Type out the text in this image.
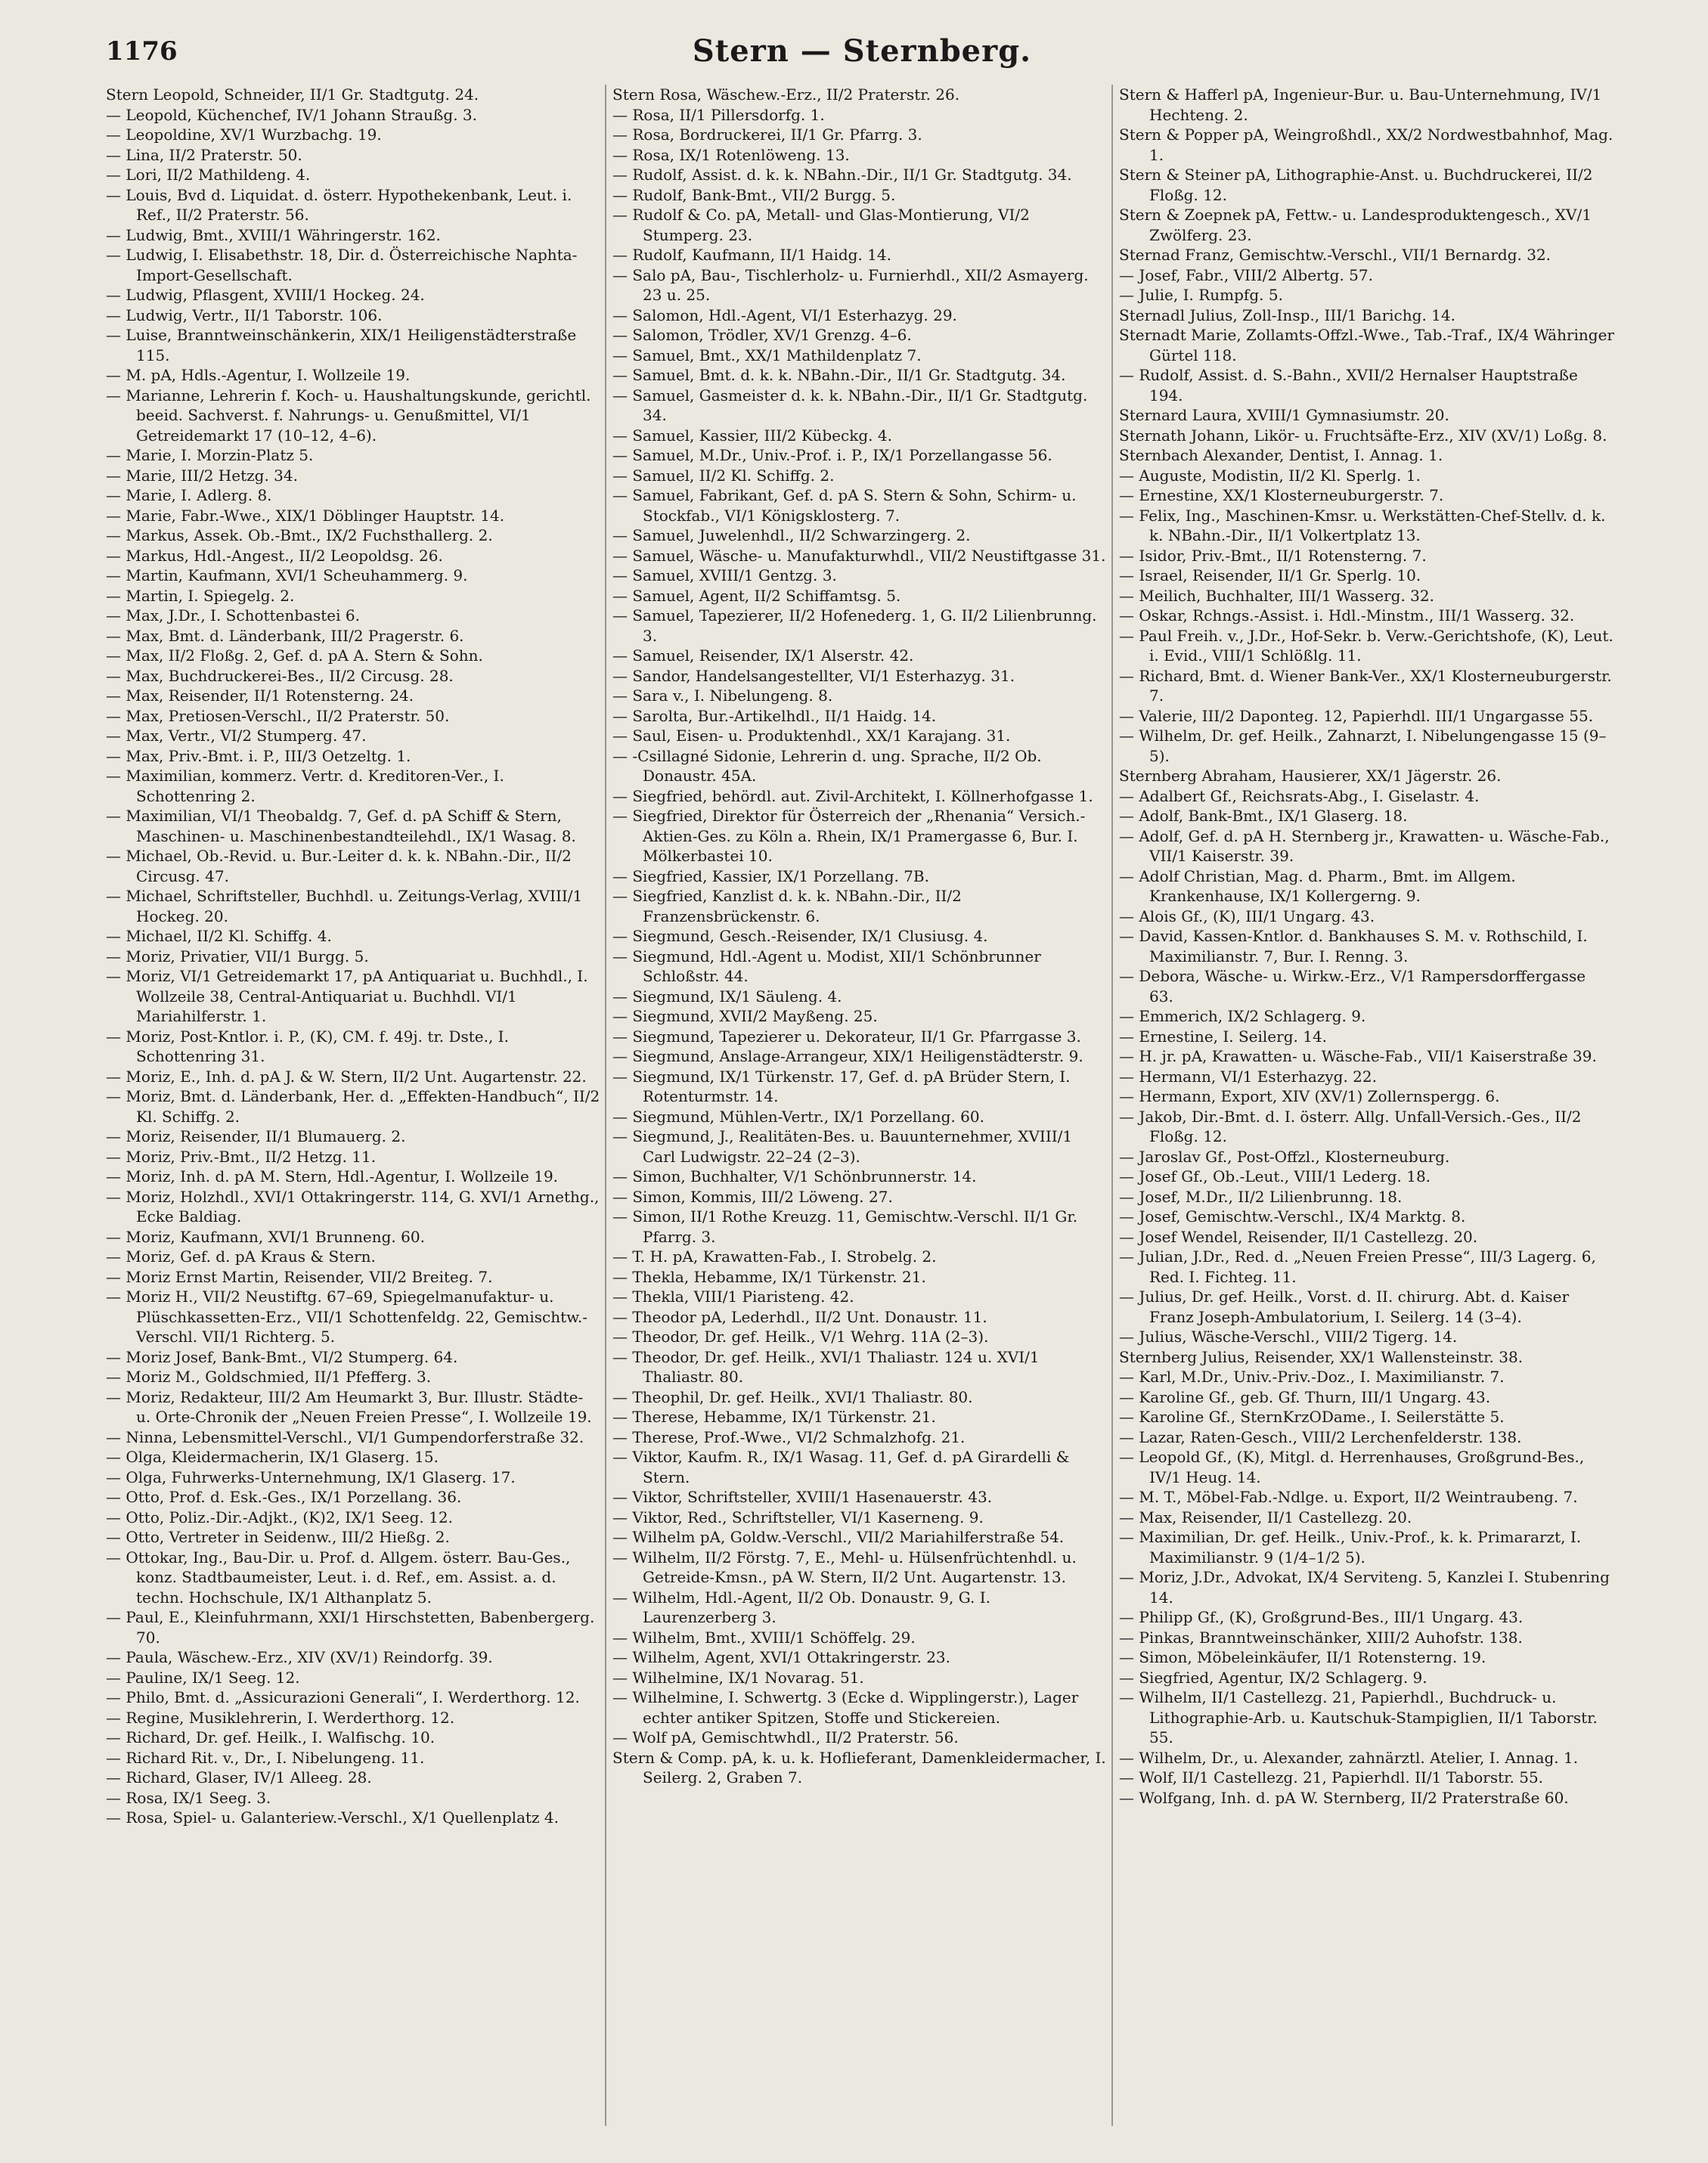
1176	Stern — Sternberg.

Stern Leopold, Schneider, II/1 Gr. Stadtgutg. 24.

— Leopold, Küchenchef, IV/1 Johann Straußg. 3.

— Leopoldine, XV/1 Wurzbachg. 19.

— Lina, II/2 Praterstr. 50.

— Lori, II/2 Mathildeng. 4.

— Louis, Bvd d. Liquidat. d. österr. Hypothekenbank, Leut. i. Ref., II/2 Praterstr. 56.

— Ludwig, Bmt., XVIII/1 Währingerstr. 162.

— Ludwig, I. Elisabethstr. 18, Dir. d. Österreichische Naphta-Import-Gesellschaft.

— Ludwig, Pflasgent, XVIII/1 Hockeg. 24.

— Ludwig, Vertr., II/1 Taborstr. 106.

— Luise, Branntweinschänkerin, XIX/1 Heiligenstädterstraße 115.

— M. pA, Hdls.-Agentur, I. Wollzeile 19.

— Marianne, Lehrerin f. Koch- u. Haushaltungskunde, gerichtl. beeid. Sachverst. f. Nahrungs- u. Genußmittel, VI/1 Getreidemarkt 17 (10–12, 4–6).

— Marie, I. Morzin-Platz 5.

— Marie, III/2 Hetzg. 34.

— Marie, I. Adlerg. 8.

— Marie, Fabr.-Wwe., XIX/1 Döblinger Hauptstr. 14.

— Markus, Assek. Ob.-Bmt., IX/2 Fuchsthallerg. 2.

— Markus, Hdl.-Angest., II/2 Leopoldsg. 26.

— Martin, Kaufmann, XVI/1 Scheuhammerg. 9.

— Martin, I. Spiegelg. 2.

— Max, J.Dr., I. Schottenbastei 6.

— Max, Bmt. d. Länderbank, III/2 Pragerstr. 6.

— Max, II/2 Floßg. 2, Gef. d. pA A. Stern & Sohn.

— Max, Buchdruckerei-Bes., II/2 Circusg. 28.

— Max, Reisender, II/1 Rotensterng. 24.

— Max, Pretiosen-Verschl., II/2 Praterstr. 50.

— Max, Vertr., VI/2 Stumperg. 47.

— Max, Priv.-Bmt. i. P., III/3 Oetzeltg. 1.

— Maximilian, kommerz. Vertr. d. Kreditoren-Ver., I. Schottenring 2.

— Maximilian, VI/1 Theobaldg. 7, Gef. d. pA Schiff & Stern, Maschinen- u. Maschinenbestandteilehdl., IX/1 Wasag. 8.

— Michael, Ob.-Revid. u. Bur.-Leiter d. k. k. NBahn.-Dir., II/2 Circusg. 47.

— Michael, Schriftsteller, Buchhdl. u. Zeitungs-Verlag, XVIII/1 Hockeg. 20.

— Michael, II/2 Kl. Schiffg. 4.

— Moriz, Privatier, VII/1 Burgg. 5.

— Moriz, VI/1 Getreidemarkt 17, pA Antiquariat u. Buchhdl., I. Wollzeile 38, Central-Antiquariat u. Buchhdl. VI/1 Mariahilferstr. 1.

— Moriz, Post-Kntlor. i. P., (K), CM. f. 49j. tr. Dste., I. Schottenring 31.

— Moriz, E., Inh. d. pA J. & W. Stern, II/2 Unt. Augartenstr. 22.

— Moriz, Bmt. d. Länderbank, Her. d. „Effekten-Handbuch“, II/2 Kl. Schiffg. 2.

— Moriz, Reisender, II/1 Blumauerg. 2.

— Moriz, Priv.-Bmt., II/2 Hetzg. 11.

— Moriz, Inh. d. pA M. Stern, Hdl.-Agentur, I. Wollzeile 19.

— Moriz, Holzhdl., XVI/1 Ottakringerstr. 114, G. XVI/1 Arnethg., Ecke Baldiag.

— Moriz, Kaufmann, XVI/1 Brunneng. 60.

— Moriz, Gef. d. pA Kraus & Stern.

— Moriz Ernst Martin, Reisender, VII/2 Breiteg. 7.

— Moriz H., VII/2 Neustiftg. 67–69, Spiegelmanufaktur- u. Plüschkassetten-Erz., VII/1 Schottenfeldg. 22, Gemischtw.-Verschl. VII/1 Richterg. 5.

— Moriz Josef, Bank-Bmt., VI/2 Stumperg. 64.

— Moriz M., Goldschmied, II/1 Pfefferg. 3.

— Moriz, Redakteur, III/2 Am Heumarkt 3, Bur. Illustr. Städte- u. Orte-Chronik der „Neuen Freien Presse“, I. Wollzeile 19.

— Ninna, Lebensmittel-Verschl., VI/1 Gumpendorferstraße 32.

— Olga, Kleidermacherin, IX/1 Glaserg. 15.

— Olga, Fuhrwerks-Unternehmung, IX/1 Glaserg. 17.

— Otto, Prof. d. Esk.-Ges., IX/1 Porzellang. 36.

— Otto, Poliz.-Dir.-Adjkt., (K)2, IX/1 Seeg. 12.

— Otto, Vertreter in Seidenw., III/2 Hießg. 2.

— Ottokar, Ing., Bau-Dir. u. Prof. d. Allgem. österr. Bau-Ges., konz. Stadtbaumeister, Leut. i. d. Ref., em. Assist. a. d. techn. Hochschule, IX/1 Althanplatz 5.

— Paul, E., Kleinfuhrmann, XXI/1 Hirschstetten, Babenbergerg. 70.

— Paula, Wäschew.-Erz., XIV (XV/1) Reindorfg. 39.

— Pauline, IX/1 Seeg. 12.

— Philo, Bmt. d. „Assicurazioni Generali“, I. Werderthorg. 12.

— Regine, Musiklehrerin, I. Werderthorg. 12.

— Richard, Dr. gef. Heilk., I. Walfischg. 10.

— Richard Rit. v., Dr., I. Nibelungeng. 11.

— Richard, Glaser, IV/1 Alleeg. 28.

— Rosa, IX/1 Seeg. 3.

— Rosa, Spiel- u. Galanteriew.-Verschl., X/1 Quellenplatz 4.

Stern Rosa, Wäschew.-Erz., II/2 Praterstr. 26.

— Rosa, II/1 Pillersdorfg. 1.

— Rosa, Bordruckerei, II/1 Gr. Pfarrg. 3.

— Rosa, IX/1 Rotenlöweng. 13.

— Rudolf, Assist. d. k. k. NBahn.-Dir., II/1 Gr. Stadtgutg. 34.

— Rudolf, Bank-Bmt., VII/2 Burgg. 5.

— Rudolf & Co. pA, Metall- und Glas-Montierung, VI/2 Stumperg. 23.

— Rudolf, Kaufmann, II/1 Haidg. 14.

— Salo pA, Bau-, Tischlerholz- u. Furnierhdl., XII/2 Asmayerg. 23 u. 25.

— Salomon, Hdl.-Agent, VI/1 Esterhazyg. 29.

— Salomon, Trödler, XV/1 Grenzg. 4–6.

— Samuel, Bmt., XX/1 Mathildenplatz 7.

— Samuel, Bmt. d. k. k. NBahn.-Dir., II/1 Gr. Stadtgutg. 34.

— Samuel, Gasmeister d. k. k. NBahn.-Dir., II/1 Gr. Stadtgutg. 34.

— Samuel, Kassier, III/2 Kübeckg. 4.

— Samuel, M.Dr., Univ.-Prof. i. P., IX/1 Porzellangasse 56.

— Samuel, II/2 Kl. Schiffg. 2.

— Samuel, Fabrikant, Gef. d. pA S. Stern & Sohn, Schirm- u. Stockfab., VI/1 Königsklosterg. 7.

— Samuel, Juwelenhdl., II/2 Schwarzingerg. 2.

— Samuel, Wäsche- u. Manufakturwhdl., VII/2 Neustiftgasse 31.

— Samuel, XVIII/1 Gentzg. 3.

— Samuel, Agent, II/2 Schiffamtsg. 5.

— Samuel, Tapezierer, II/2 Hofenederg. 1, G. II/2 Lilienbrunng. 3.

— Samuel, Reisender, IX/1 Alserstr. 42.

— Sandor, Handelsangestellter, VI/1 Esterhazyg. 31.

— Sara v., I. Nibelungeng. 8.

— Sarolta, Bur.-Artikelhdl., II/1 Haidg. 14.

— Saul, Eisen- u. Produktenhdl., XX/1 Karajang. 31.

— -Csillagné Sidonie, Lehrerin d. ung. Sprache, II/2 Ob. Donaustr. 45A.

— Siegfried, behördl. aut. Zivil-Architekt, I. Köllnerhofgasse 1.

— Siegfried, Direktor für Österreich der „Rhenania“ Versich.-Aktien-Ges. zu Köln a. Rhein, IX/1 Pramergasse 6, Bur. I. Mölkerbastei 10.

— Siegfried, Kassier, IX/1 Porzellang. 7B.

— Siegfried, Kanzlist d. k. k. NBahn.-Dir., II/2 Franzensbrückenstr. 6.

— Siegmund, Gesch.-Reisender, IX/1 Clusiusg. 4.

— Siegmund, Hdl.-Agent u. Modist, XII/1 Schönbrunner Schloßstr. 44.

— Siegmund, IX/1 Säuleng. 4.

— Siegmund, XVII/2 Mayßeng. 25.

— Siegmund, Tapezierer u. Dekorateur, II/1 Gr. Pfarrgasse 3.

— Siegmund, Anslage-Arrangeur, XIX/1 Heiligenstädterstr. 9.

— Siegmund, IX/1 Türkenstr. 17, Gef. d. pA Brüder Stern, I. Rotenturmstr. 14.

— Siegmund, Mühlen-Vertr., IX/1 Porzellang. 60.

— Siegmund, J., Realitäten-Bes. u. Bauunternehmer, XVIII/1 Carl Ludwigstr. 22–24 (2–3).

— Simon, Buchhalter, V/1 Schönbrunnerstr. 14.

— Simon, Kommis, III/2 Löweng. 27.

— Simon, II/1 Rothe Kreuzg. 11, Gemischtw.-Verschl. II/1 Gr. Pfarrg. 3.

— T. H. pA, Krawatten-Fab., I. Strobelg. 2.

— Thekla, Hebamme, IX/1 Türkenstr. 21.

— Thekla, VIII/1 Piaristeng. 42.

— Theodor pA, Lederhdl., II/2 Unt. Donaustr. 11.

— Theodor, Dr. gef. Heilk., V/1 Wehrg. 11A (2–3).

— Theodor, Dr. gef. Heilk., XVI/1 Thaliastr. 124 u. XVI/1 Thaliastr. 80.

— Theophil, Dr. gef. Heilk., XVI/1 Thaliastr. 80.

— Therese, Hebamme, IX/1 Türkenstr. 21.

— Therese, Prof.-Wwe., VI/2 Schmalzhofg. 21.

— Viktor, Kaufm. R., IX/1 Wasag. 11, Gef. d. pA Girardelli & Stern.

— Viktor, Schriftsteller, XVIII/1 Hasenauerstr. 43.

— Viktor, Red., Schriftsteller, VI/1 Kaserneng. 9.

— Wilhelm pA, Goldw.-Verschl., VII/2 Mariahilferstraße 54.

— Wilhelm, II/2 Förstg. 7, E., Mehl- u. Hülsenfrüchtenhdl. u. Getreide-Kmsn., pA W. Stern, II/2 Unt. Augartenstr. 13.

— Wilhelm, Hdl.-Agent, II/2 Ob. Donaustr. 9, G. I. Laurenzerberg 3.

— Wilhelm, Bmt., XVIII/1 Schöffelg. 29.

— Wilhelm, Agent, XVI/1 Ottakringerstr. 23.

— Wilhelmine, IX/1 Novarag. 51.

— Wilhelmine, I. Schwertg. 3 (Ecke d. Wipplingerstr.), Lager echter antiker Spitzen, Stoffe und Stickereien.

— Wolf pA, Gemischtwhdl., II/2 Praterstr. 56.

Stern & Comp. pA, k. u. k. Hoflieferant, Damenkleidermacher, I. Seilerg. 2, Graben 7.

Stern & Hafferl pA, Ingenieur-Bur. u. Bau-Unternehmung, IV/1 Hechteng. 2.

Stern & Popper pA, Weingroßhdl., XX/2 Nordwestbahnhof, Mag. 1.

Stern & Steiner pA, Lithographie-Anst. u. Buchdruckerei, II/2 Floßg. 12.

Stern & Zoepnek pA, Fettw.- u. Landesproduktengesch., XV/1 Zwölferg. 23.

Sternad Franz, Gemischtw.-Verschl., VII/1 Bernardg. 32.

— Josef, Fabr., VIII/2 Albertg. 57.

— Julie, I. Rumpfg. 5.

Sternadl Julius, Zoll-Insp., III/1 Barichg. 14.

Sternadt Marie, Zollamts-Offzl.-Wwe., Tab.-Traf., IX/4 Währinger Gürtel 118.

— Rudolf, Assist. d. S.-Bahn., XVII/2 Hernalser Hauptstraße 194.

Sternard Laura, XVIII/1 Gymnasiumstr. 20.

Sternath Johann, Likör- u. Fruchtsäfte-Erz., XIV (XV/1) Loßg. 8.

Sternbach Alexander, Dentist, I. Annag. 1.

— Auguste, Modistin, II/2 Kl. Sperlg. 1.

— Ernestine, XX/1 Klosterneuburgerstr. 7.

— Felix, Ing., Maschinen-Kmsr. u. Werkstätten-Chef-Stellv. d. k. k. NBahn.-Dir., II/1 Volkertplatz 13.

— Isidor, Priv.-Bmt., II/1 Rotensterng. 7.

— Israel, Reisender, II/1 Gr. Sperlg. 10.

— Meilich, Buchhalter, III/1 Wasserg. 32.

— Oskar, Rchngs.-Assist. i. Hdl.-Minstm., III/1 Wasserg. 32.

— Paul Freih. v., J.Dr., Hof-Sekr. b. Verw.-Gerichtshofe, (K), Leut. i. Evid., VIII/1 Schlößlg. 11.

— Richard, Bmt. d. Wiener Bank-Ver., XX/1 Klosterneuburgerstr. 7.

— Valerie, III/2 Daponteg. 12, Papierhdl. III/1 Ungargasse 55.

— Wilhelm, Dr. gef. Heilk., Zahnarzt, I. Nibelungengasse 15 (9–5).

Sternberg Abraham, Hausierer, XX/1 Jägerstr. 26.

— Adalbert Gf., Reichsrats-Abg., I. Giselastr. 4.

— Adolf, Bank-Bmt., IX/1 Glaserg. 18.

— Adolf, Gef. d. pA H. Sternberg jr., Krawatten- u. Wäsche-Fab., VII/1 Kaiserstr. 39.

— Adolf Christian, Mag. d. Pharm., Bmt. im Allgem. Krankenhause, IX/1 Kollergerng. 9.

— Alois Gf., (K), III/1 Ungarg. 43.

— David, Kassen-Kntlor. d. Bankhauses S. M. v. Rothschild, I. Maximilianstr. 7, Bur. I. Renng. 3.

— Debora, Wäsche- u. Wirkw.-Erz., V/1 Rampersdorffergasse 63.

— Emmerich, IX/2 Schlagerg. 9.

— Ernestine, I. Seilerg. 14.

— H. jr. pA, Krawatten- u. Wäsche-Fab., VII/1 Kaiserstraße 39.

— Hermann, VI/1 Esterhazyg. 22.

— Hermann, Export, XIV (XV/1) Zollernspergg. 6.

— Jakob, Dir.-Bmt. d. I. österr. Allg. Unfall-Versich.-Ges., II/2 Floßg. 12.

— Jaroslav Gf., Post-Offzl., Klosterneuburg.

— Josef Gf., Ob.-Leut., VIII/1 Lederg. 18.

— Josef, M.Dr., II/2 Lilienbrunng. 18.

— Josef, Gemischtw.-Verschl., IX/4 Marktg. 8.

— Josef Wendel, Reisender, II/1 Castellezg. 20.

— Julian, J.Dr., Red. d. „Neuen Freien Presse“, III/3 Lagerg. 6, Red. I. Fichteg. 11.

— Julius, Dr. gef. Heilk., Vorst. d. II. chirurg. Abt. d. Kaiser Franz Joseph-Ambulatorium, I. Seilerg. 14 (3–4).

— Julius, Wäsche-Verschl., VIII/2 Tigerg. 14.

Sternberg Julius, Reisender, XX/1 Wallensteinstr. 38.

— Karl, M.Dr., Univ.-Priv.-Doz., I. Maximilianstr. 7.

— Karoline Gf., geb. Gf. Thurn, III/1 Ungarg. 43.

— Karoline Gf., SternKrzODame., I. Seilerstätte 5.

— Lazar, Raten-Gesch., VIII/2 Lerchenfelderstr. 138.

— Leopold Gf., (K), Mitgl. d. Herrenhauses, Großgrund-Bes., IV/1 Heug. 14.

— M. T., Möbel-Fab.-Ndlge. u. Export, II/2 Weintraubeng. 7.

— Max, Reisender, II/1 Castellezg. 20.

— Maximilian, Dr. gef. Heilk., Univ.-Prof., k. k. Primararzt, I. Maximilianstr. 9 (1/4–1/2 5).

— Moriz, J.Dr., Advokat, IX/4 Serviteng. 5, Kanzlei I. Stubenring 14.

— Philipp Gf., (K), Großgrund-Bes., III/1 Ungarg. 43.

— Pinkas, Branntweinschänker, XIII/2 Auhofstr. 138.

— Simon, Möbeleinkäufer, II/1 Rotensterng. 19.

— Siegfried, Agentur, IX/2 Schlagerg. 9.

— Wilhelm, II/1 Castellezg. 21, Papierhdl., Buchdruck- u. Lithographie-Arb. u. Kautschuk-Stampiglien, II/1 Taborstr. 55.

— Wilhelm, Dr., u. Alexander, zahnärztl. Atelier, I. Annag. 1.

— Wolf, II/1 Castellezg. 21, Papierhdl. II/1 Taborstr. 55.

— Wolfgang, Inh. d. pA W. Sternberg, II/2 Praterstraße 60.
